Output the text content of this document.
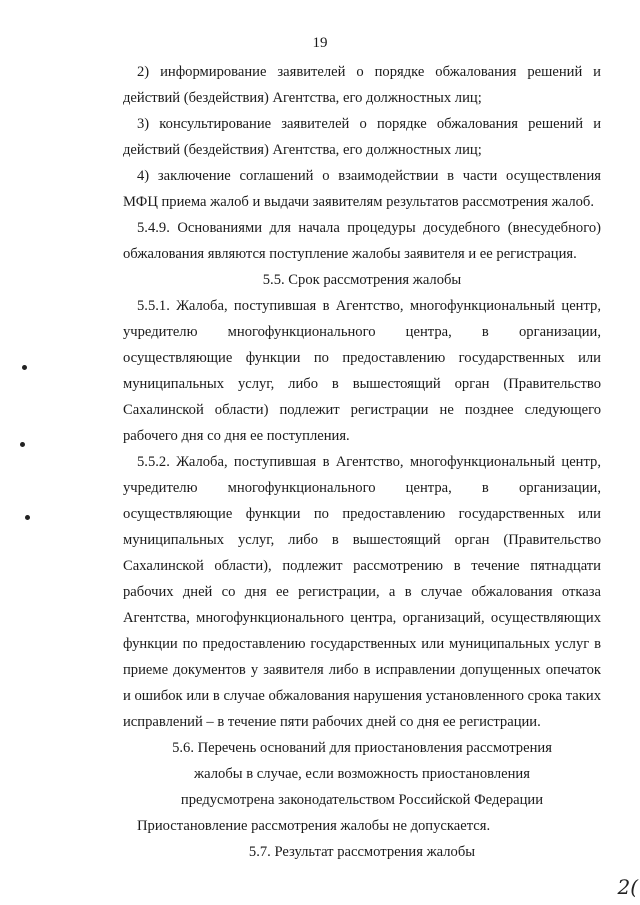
19

2) информирование заявителей о порядке обжалования решений и действий (бездействия) Агентства, его должностных лиц;

3) консультирование заявителей о порядке обжалования решений и действий (бездействия) Агентства, его должностных лиц;

4) заключение соглашений о взаимодействии в части осуществления МФЦ приема жалоб и выдачи заявителям результатов рассмотрения жалоб.

5.4.9. Основаниями для начала процедуры досудебного (внесудебного) обжалования являются поступление жалобы заявителя и ее регистрация.

5.5. Срок рассмотрения жалобы

5.5.1. Жалоба, поступившая в Агентство, многофункциональный центр, учредителю многофункционального центра, в организации, осуществляющие функции по предоставлению государственных или муниципальных услуг, либо в вышестоящий орган (Правительство Сахалинской области) подлежит регистрации не позднее следующего рабочего дня со дня ее поступления.

5.5.2. Жалоба, поступившая в Агентство, многофункциональный центр, учредителю многофункционального центра, в организации, осуществляющие функции по предоставлению государственных или муниципальных услуг, либо в вышестоящий орган (Правительство Сахалинской области), подлежит рассмотрению в течение пятнадцати рабочих дней со дня ее регистрации, а в случае обжалования отказа Агентства, многофункционального центра, организаций, осуществляющих функции по предоставлению государственных или муниципальных услуг в приеме документов у заявителя либо в исправлении допущенных опечаток и ошибок или в случае обжалования нарушения установленного срока таких исправлений – в течение пяти рабочих дней со дня ее регистрации.

5.6. Перечень оснований для приостановления рассмотрения

жалобы в случае, если возможность приостановления

предусмотрена законодательством Российской Федерации

Приостановление рассмотрения жалобы не допускается.

5.7. Результат рассмотрения жалобы

2(
